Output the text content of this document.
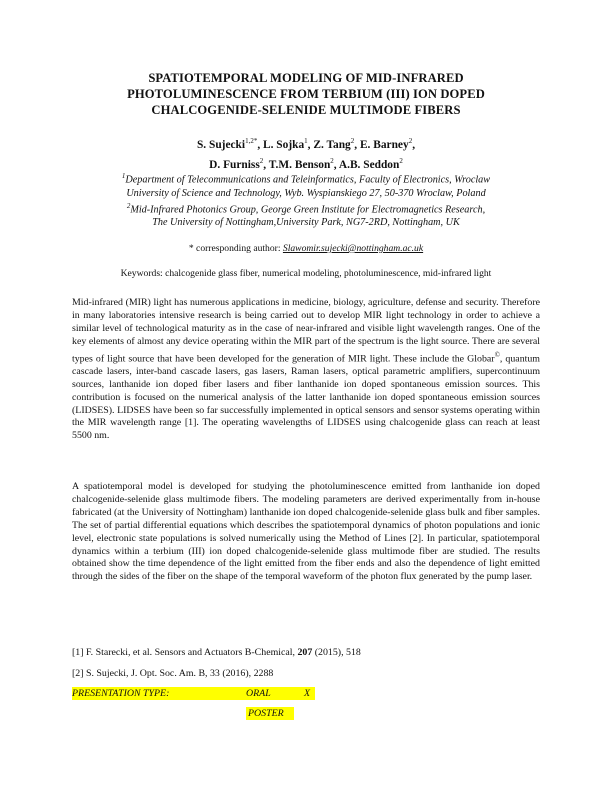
SPATIOTEMPORAL MODELING OF MID-INFRARED
PHOTOLUMINESCENCE FROM TERBIUM (III) ION DOPED
CHALCOGENIDE-SELENIDE MULTIMODE FIBERS
S. Sujecki$^{1,2*}$, L. Sojka$^1$, Z. Tang$^2$, E. Barney$^2$,
D. Furniss$^2$, T.M. Benson$^2$, A.B. Seddon$^2$
$^1$Department of Telecommunications and Teleinformatics, Faculty of Electronics, Wroclaw
University of Science and Technology, Wyb. Wyspianskiego 27, 50-370 Wroclaw, Poland
$^2$Mid-Infrared Photonics Group, George Green Institute for Electromagnetics Research,
The University of Nottingham,University Park, NG7-2RD, Nottingham, UK
* corresponding author: Slawomir.sujecki@nottingham.ac.uk
Keywords: chalcogenide glass fiber, numerical modeling, photoluminescence, mid-infrared light

Mid-infrared (MIR) light has numerous applications in medicine, biology, agriculture, defense and security. Therefore in many laboratories intensive research is being carried out to develop MIR light technology in order to achieve a similar level of technological maturity as in the case of near-infrared and visible light wavelength ranges. One of the key elements of almost any device operating within the MIR part of the spectrum is the light source. There are several types of light source that have been developed for the generation of MIR light. These include the Globar©, quantum cascade lasers, inter-band cascade lasers, gas lasers, Raman lasers, optical parametric amplifiers, supercontinuum sources, lanthanide ion doped fiber lasers and fiber lanthanide ion doped spontaneous emission sources. This contribution is focused on the numerical analysis of the latter lanthanide ion doped spontaneous emission sources (LIDSES). LIDSES have been so far successfully implemented in optical sensors and sensor systems operating within the MIR wavelength range [1]. The operating wavelengths of LIDSES using chalcogenide glass can reach at least 5500 nm.

A spatiotemporal model is developed for studying the photoluminescence emitted from lanthanide ion doped chalcogenide-selenide glass multimode fibers. The modeling parameters are derived experimentally from in-house fabricated (at the University of Nottingham) lanthanide ion doped chalcogenide-selenide glass bulk and fiber samples. The set of partial differential equations which describes the spatiotemporal dynamics of photon populations and ionic level, electronic state populations is solved numerically using the Method of Lines [2]. In particular, spatiotemporal dynamics within a terbium (III) ion doped chalcogenide-selenide glass multimode fiber are studied. The results obtained show the time dependence of the light emitted from the fiber ends and also the dependence of light emitted through the sides of the fiber on the shape of the temporal waveform of the photon flux generated by the pump laser.

[1] F. Starecki, et al. Sensors and Actuators B-Chemical, 207 (2015), 518
[2] S. Sujecki, J. Opt. Soc. Am. B, 33 (2016), 2288
PRESENTATION TYPE:	ORAL	X
POSTER
